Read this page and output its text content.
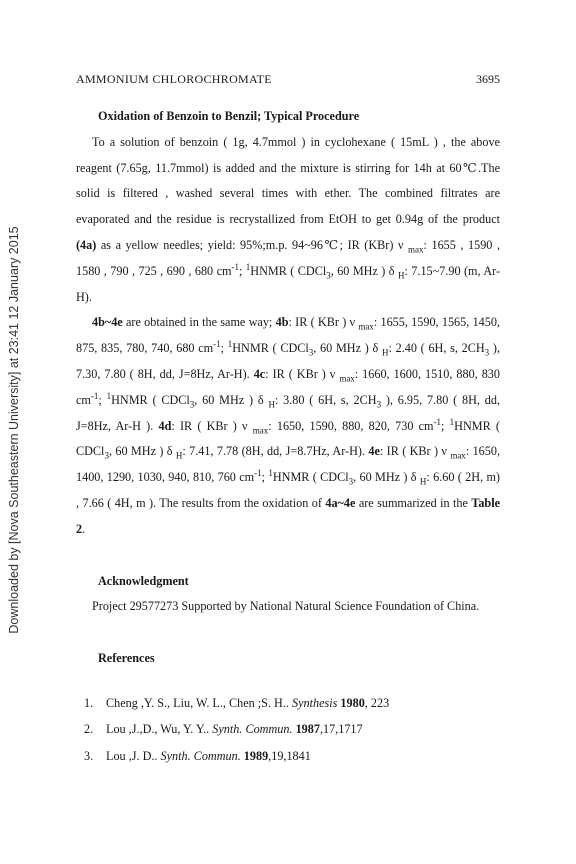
Downloaded by [Nova Southeastern University] at 23:41 12 January 2015
AMMONIUM CHLOROCHROMATE	3695

Oxidation of Benzoin to Benzil; Typical Procedure

To a solution of benzoin ( 1g, 4.7mmol ) in cyclohexane ( 15mL ) , the above reagent (7.65g, 11.7mmol) is added and the mixture is stirring for 14h at 60℃.The solid is filtered , washed several times with ether. The combined filtrates are evaporated and the residue is recrystallized from EtOH to get 0.94g of the product (4a) as a yellow needles; yield: 95%;m.p. 94~96℃; IR (KBr) ν $_{max}$: 1655 , 1590 , 1580 , 790 , 725 , 690 , 680 $cm^{-1}$; $^1$HNMR ( CDCl$_3$, 60 MHz ) δ $_H$: 7.15~7.90 (m, Ar-H).

4b~4e are obtained in the same way; 4b: IR ( KBr ) ν $_{max}$: 1655, 1590, 1565, 1450, 875, 835, 780, 740, 680 $cm^{-1}$; $^1$HNMR ( CDCl$_3$, 60 MHz ) δ $_H$: 2.40 ( 6H, s, $2CH_3$ ), 7.30, 7.80 ( 8H, dd, J=8Hz, Ar-H). 4c: IR ( KBr ) ν $_{max}$: 1660, 1600, 1510, 880, 830 $cm^{-1}$; $^1$HNMR ( CDCl$_3$, 60 MHz ) δ $_H$: 3.80 ( 6H, s, $2CH_3$ ), 6.95, 7.80 ( 8H, dd, J=8Hz, Ar-H ). 4d: IR ( KBr ) ν $_{max}$: 1650, 1590, 880, 820, 730 $cm^{-1}$; $^1$HNMR ( CDCl$_3$, 60 MHz ) δ $_H$: 7.41, 7.78 (8H, dd, J=8.7Hz, Ar-H). 4e: IR ( KBr ) ν $_{max}$: 1650, 1400, 1290, 1030, 940, 810, 760 $cm^{-1}$; $^1$HNMR ( CDCl$_3$, 60 MHz ) δ $_H$: 6.60 ( 2H, m) , 7.66 ( 4H, m ). The results from the oxidation of 4a~4e are summarized in the Table 2.

Acknowledgment

Project 29577273 Supported by National Natural Science Foundation of China.

References

1.	Cheng ,Y. S., Liu, W. L., Chen ;S. H.. Synthesis 1980, 223
2.	Lou ,J.,D., Wu, Y. Y.. Synth. Commun. 1987,17,1717
3.	Lou ,J. D.. Synth. Commun. 1989,19,1841
